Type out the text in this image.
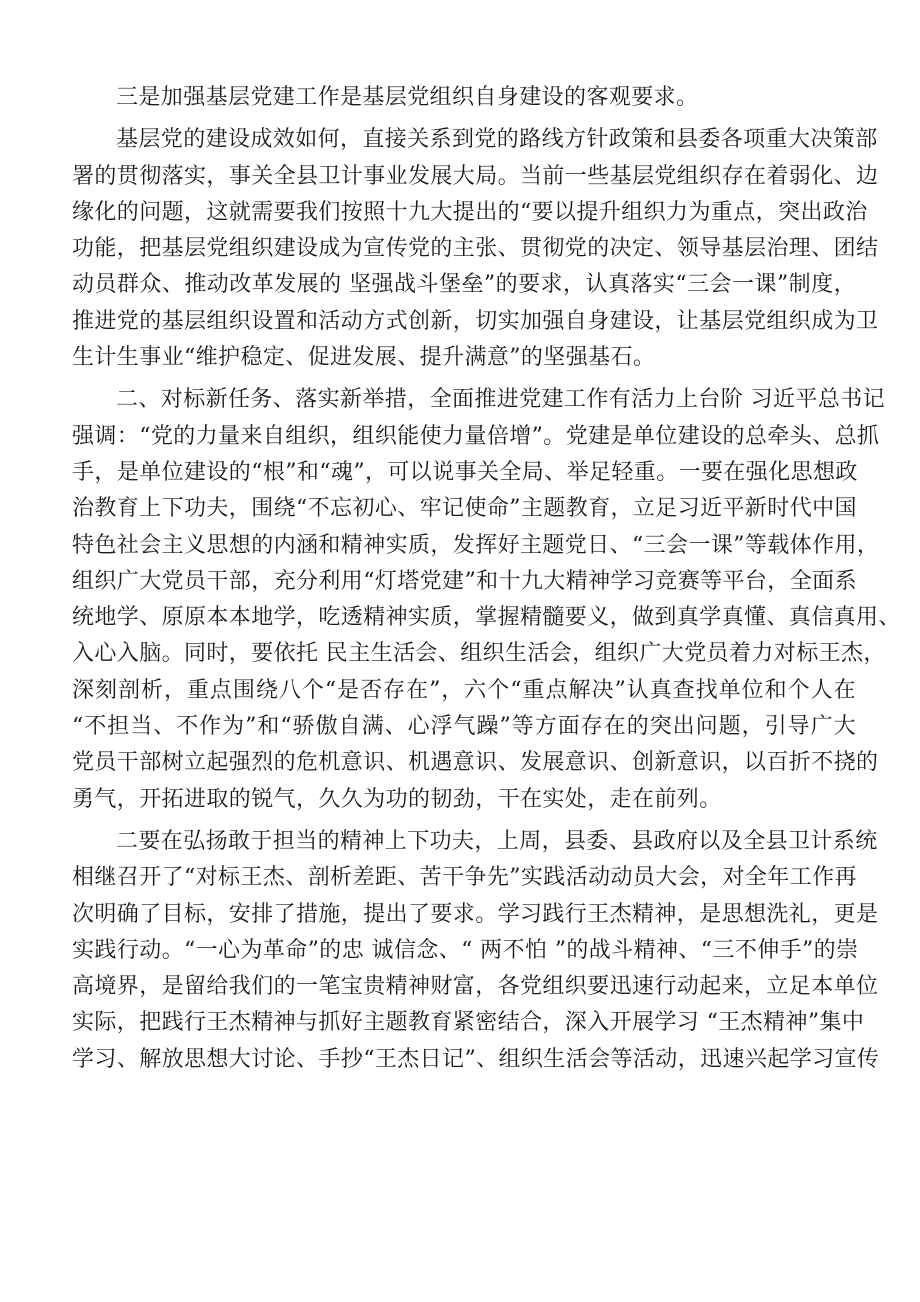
三是加强基层党建工作是基层党组织自身建设的客观要求。

基层党的建设成效如何，直接关系到党的路线方针政策和县委各项重大决策部
署的贯彻落实，事关全县卫计事业发展大局。当前一些基层党组织存在着弱化、边
缘化的问题，这就需要我们按照十九大提出的“要以提升组织力为重点，突出政治
功能，把基层党组织建设成为宣传党的主张、贯彻党的决定、领导基层治理、团结
动员群众、推动改革发展的 坚强战斗堡垒”的要求，认真落实“三会一课”制度，
推进党的基层组织设置和活动方式创新，切实加强自身建设，让基层党组织成为卫
生计生事业“维护稳定、促进发展、提升满意”的坚强基石。

二、对标新任务、落实新举措，全面推进党建工作有活力上台阶 习近平总书记
强调：“党的力量来自组织，组织能使力量倍增”。党建是单位建设的总牵头、总抓
手，是单位建设的“根”和“魂”，可以说事关全局、举足轻重。一要在强化思想政
治教育上下功夫，围绕“不忘初心、牢记使命”主题教育，立足习近平新时代中国
特色社会主义思想的内涵和精神实质，发挥好主题党日、“三会一课”等载体作用，
组织广大党员干部，充分利用“灯塔党建”和十九大精神学习竞赛等平台，全面系
统地学、原原本本地学，吃透精神实质，掌握精髓要义，做到真学真懂、真信真用、
入心入脑。同时，要依托 民主生活会、组织生活会，组织广大党员着力对标王杰，
深刻剖析，重点围绕八个“是否存在”，六个“重点解决”认真查找单位和个人在
“不担当、不作为”和“骄傲自满、心浮气躁”等方面存在的突出问题，引导广大
党员干部树立起强烈的危机意识、机遇意识、发展意识、创新意识，以百折不挠的
勇气，开拓进取的锐气，久久为功的韧劲，干在实处，走在前列。

二要在弘扬敢于担当的精神上下功夫，上周，县委、县政府以及全县卫计系统
相继召开了“对标王杰、剖析差距、苦干争先”实践活动动员大会，对全年工作再
次明确了目标，安排了措施，提出了要求。学习践行王杰精神，是思想洗礼，更是
实践行动。“一心为革命”的忠 诚信念、“ 两不怕 ”的战斗精神、“三不伸手”的崇
高境界，是留给我们的一笔宝贵精神财富，各党组织要迅速行动起来，立足本单位
实际，把践行王杰精神与抓好主题教育紧密结合，深入开展学习 “王杰精神”集中
学习、解放思想大讨论、手抄“王杰日记”、组织生活会等活动，迅速兴起学习宣传
